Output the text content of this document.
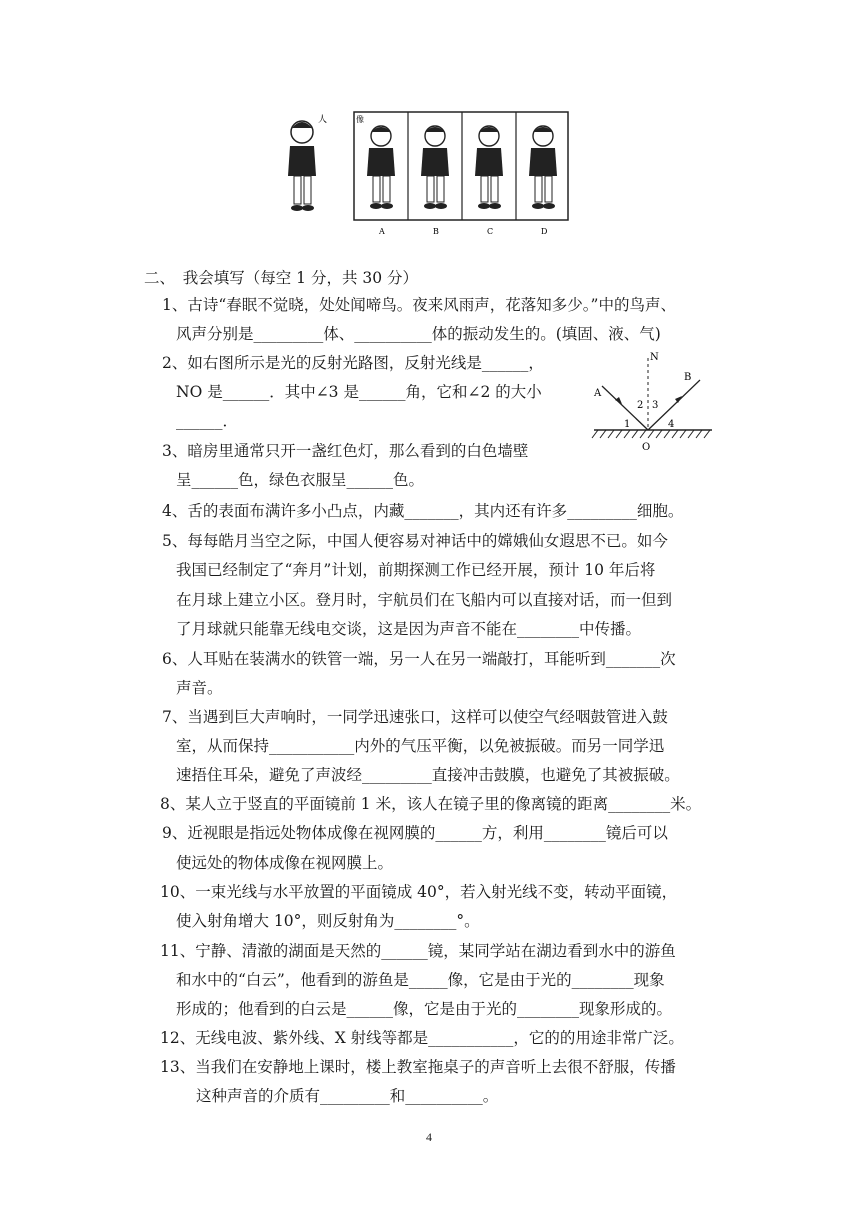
人	像
A	B	C	D
二、　我会填写（每空 1 分，共 30 分）
1、古诗“春眠不觉晓，处处闻啼鸟。夜来风雨声，花落知多少。”中的鸟声、
风声分别是_________体、__________体的振动发生的。(填固、液、气)
2、如右图所示是光的反射光路图，反射光线是______，
NO 是______．其中∠3 是______角，它和∠2 的大小
______．
3、暗房里通常只开一盏红色灯，那么看到的白色墙壁
呈______色，绿色衣服呈______色。
4、舌的表面布满许多小凸点，内藏_______，其内还有许多_________细胞。
5、每每皓月当空之际，中国人便容易对神话中的嫦娥仙女遐思不已。如今
我国已经制定了“奔月”计划，前期探测工作已经开展，预计 10 年后将
在月球上建立小区。登月时，宇航员们在飞船内可以直接对话，而一但到
了月球就只能靠无线电交谈，这是因为声音不能在________中传播。
6、人耳贴在装满水的铁管一端，另一人在另一端敲打，耳能听到_______次
声音。
7、当遇到巨大声响时，一同学迅速张口，这样可以使空气经咽鼓管进入鼓
室，从而保持___________内外的气压平衡，以免被振破。而另一同学迅
速捂住耳朵，避免了声波经_________直接冲击鼓膜，也避免了其被振破。
8、某人立于竖直的平面镜前 1 米，该人在镜子里的像离镜的距离________米。
9、近视眼是指远处物体成像在视网膜的______方，利用________镜后可以
使远处的物体成像在视网膜上。
10、一束光线与水平放置的平面镜成 40°，若入射光线不变，转动平面镜，
使入射角增大 10°，则反射角为________°。
11、宁静、清澈的湖面是天然的______镜，某同学站在湖边看到水中的游鱼
和水中的“白云”，他看到的游鱼是_____像，它是由于光的________现象
形成的；他看到的白云是______像，它是由于光的________现象形成的。
12、无线电波、紫外线、X 射线等都是___________，它的的用途非常广泛。
13、当我们在安静地上课时，楼上教室拖桌子的声音听上去很不舒服，传播
这种声音的介质有_________和__________。
N
A
B
O
1
2 3
4
4
